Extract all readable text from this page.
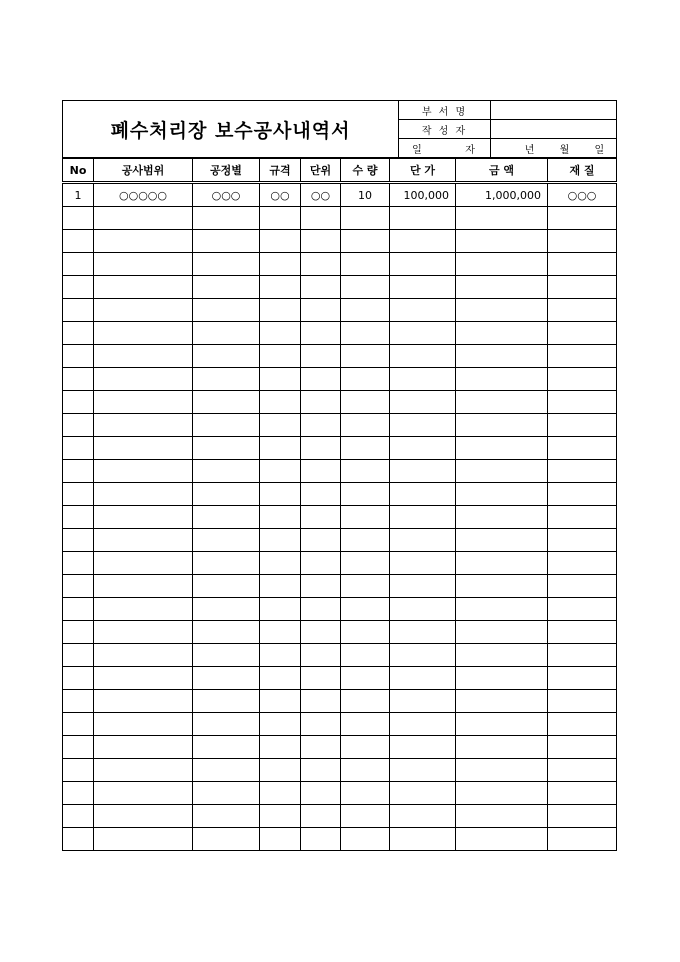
폐수처리장 보수공사내역서	부 서 명	
	작 성 자	
	일        자	년 월 일
No	공사범위	공정별	규격	단위	수 량	단 가	금 액	재 질
1	○○○○○	○○○	○○	○○	10	100,000	1,000,000	○○○
